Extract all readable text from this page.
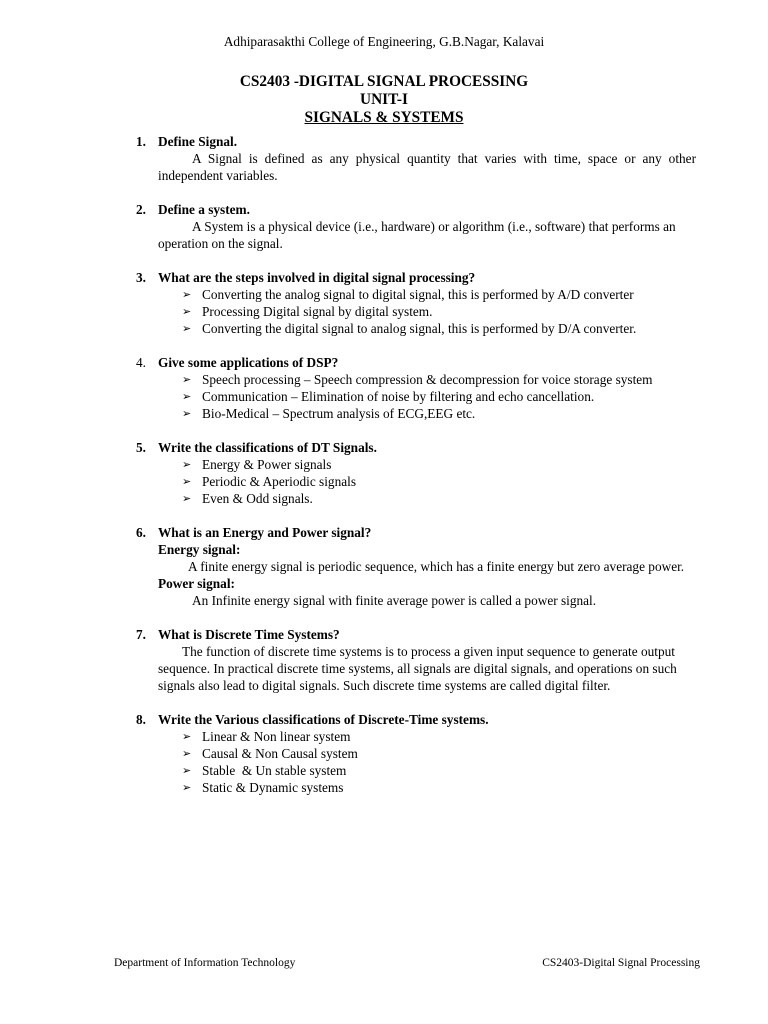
Adhiparasakthi College of Engineering, G.B.Nagar, Kalavai
CS2403 -DIGITAL SIGNAL PROCESSING
UNIT-I
SIGNALS & SYSTEMS
1. Define Signal.
A Signal is defined as any physical quantity that varies with time, space or any other independent variables.
2. Define a system.
A System is a physical device (i.e., hardware) or algorithm (i.e., software) that performs an operation on the signal.
3. What are the steps involved in digital signal processing?
➢ Converting the analog signal to digital signal, this is performed by A/D converter
➢ Processing Digital signal by digital system.
➢ Converting the digital signal to analog signal, this is performed by D/A converter.
4. Give some applications of DSP?
➢ Speech processing – Speech compression & decompression for voice storage system
➢ Communication – Elimination of noise by filtering and echo cancellation.
➢ Bio-Medical – Spectrum analysis of ECG,EEG etc.
5. Write the classifications of DT Signals.
➢ Energy & Power signals
➢ Periodic & Aperiodic signals
➢ Even & Odd signals.
6. What is an Energy and Power signal?
Energy signal:
A finite energy signal is periodic sequence, which has a finite energy but zero average power.
Power signal:
An Infinite energy signal with finite average power is called a power signal.
7. What is Discrete Time Systems?
The function of discrete time systems is to process a given input sequence to generate output sequence. In practical discrete time systems, all signals are digital signals, and operations on such signals also lead to digital signals. Such discrete time systems are called digital filter.
8. Write the Various classifications of Discrete-Time systems.
➢ Linear & Non linear system
➢ Causal & Non Causal system
➢ Stable  & Un stable system
➢ Static & Dynamic systems
Department of Information Technology	CS2403-Digital Signal Processing
